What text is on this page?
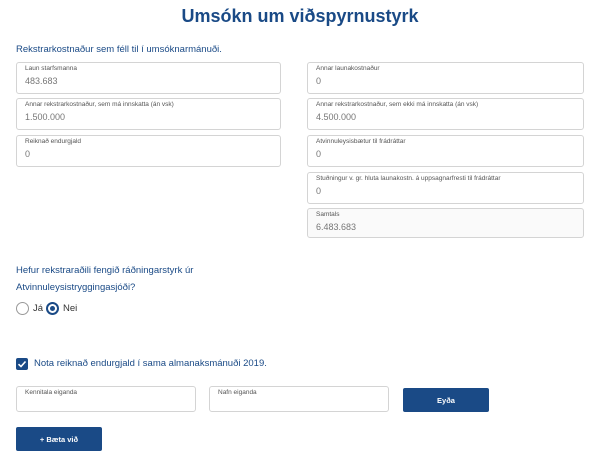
Umsókn um viðspyrnustyrk
Rekstrarkostnaður sem féll til í umsóknarmánuði.
Laun starfsmanna
483.683
Annar rekstrarkostnaður, sem má innskatta (án vsk)
1.500.000
Reiknað endurgjald
0
Annar launakostnaður
0
Annar rekstrarkostnaður, sem ekki má innskatta (án vsk)
4.500.000
Atvinnuleysisbætur til frádráttar
0
Stuðningur v. gr. hluta launakostn. á uppsagnarfresti til frádráttar
0
Samtals
6.483.683
Hefur rekstraraðili fengið ráðningarstyrk úr Atvinnuleysistryggingasjóði?
Já Nei
Nota reiknað endurgjald í sama almanaksmánuði 2019.
Kennitala eiganda	Nafn eiganda
Eyða
+ Bæta við
